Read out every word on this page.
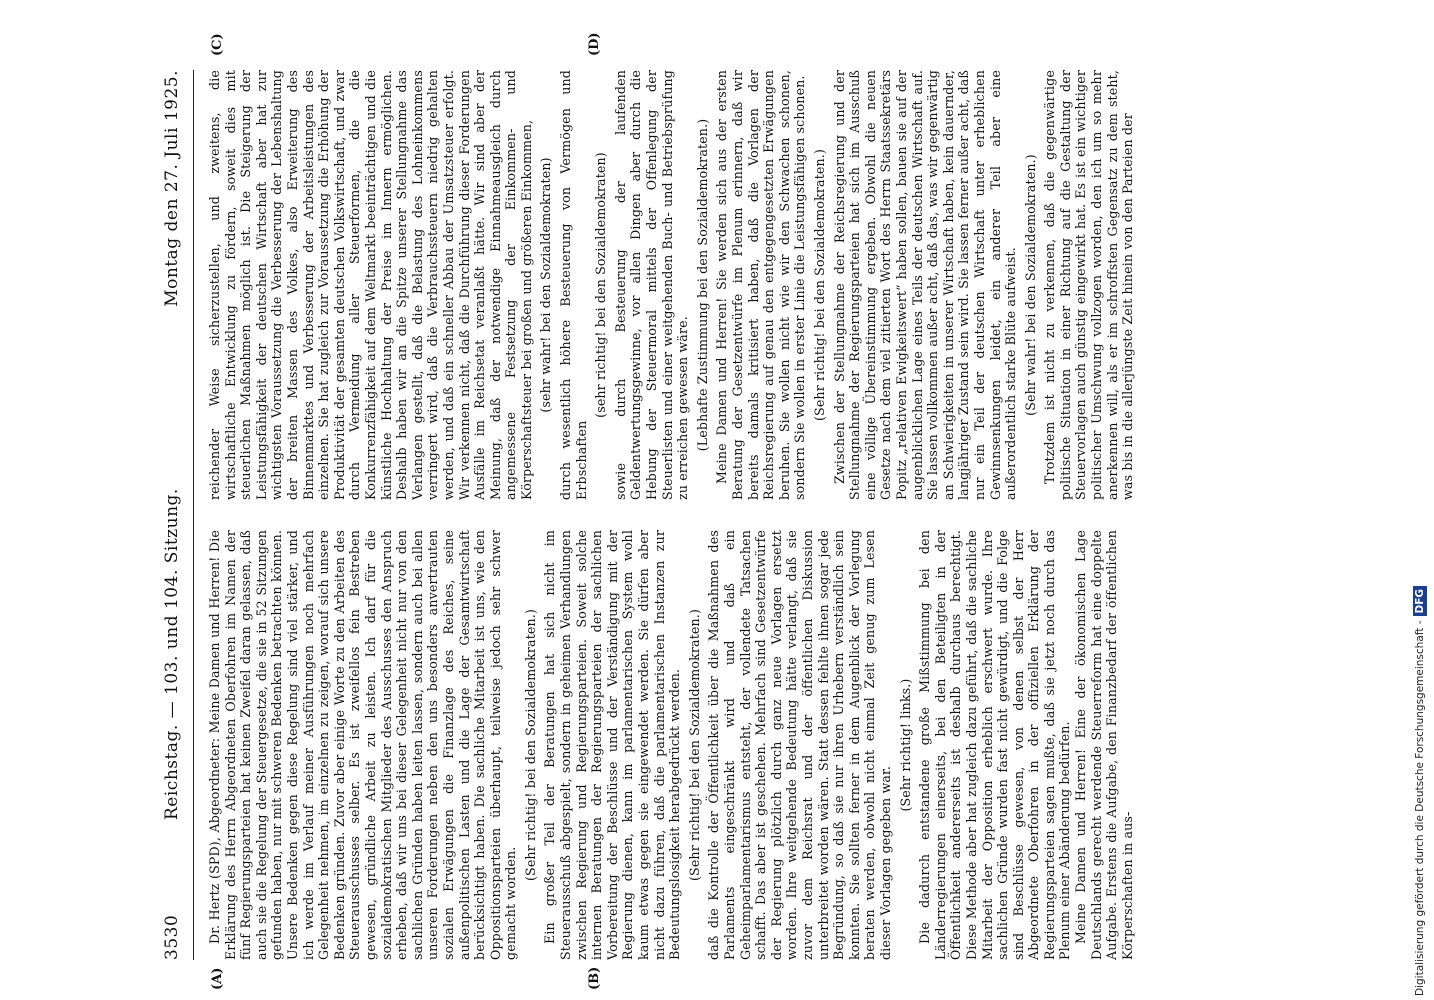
3530
Reichstag. — 103. und 104. Sitzung.
Montag den 27. Juli 1925.
(A)	(B)
(C)	(D)

Dr. Hertz (SPD), Abgeordneter: Meine Damen und Herren! Die Erklärung des Herrn Abgeordneten Oberfohren im Namen der fünf Regierungsparteien hat keinen Zweifel daran gelassen, daß auch sie die Regelung der Steuergesetze, die sie in 52 Sitzungen gefunden haben, nur mit schweren Bedenken betrachten können. Unsere Bedenken gegen diese Regelung sind viel stärker, und ich werde im Verlauf meiner Ausführungen noch mehrfach Gelegenheit nehmen, im einzelnen zu zeigen, worauf sich unsere Bedenken gründen. Zuvor aber einige Worte zu den Arbeiten des Steuerausschusses selber. Es ist zweifellos fein Bestreben gewesen, gründliche Arbeit zu leisten. Ich darf für die sozialdemokratischen Mitglieder des Ausschusses den Anspruch erheben, daß wir uns bei dieser Gelegenheit nicht nur von den sachlichen Gründen haben leiten lassen, sondern auch bei allen unseren Forderungen neben den uns besonders anvertrauten sozialen Erwägungen die Finanzlage des Reiches, seine außenpolitischen Lasten und die Lage der Gesamtwirtschaft berücksichtigt haben. Die sachliche Mitarbeit ist uns, wie den Oppositionsparteien überhaupt, teilweise jedoch sehr schwer gemacht worden.

(Sehr richtig! bei den Sozialdemokraten.) Ein großer Teil der Beratungen hat sich nicht im Steuerausschuß abgespielt, sondern in geheimen Verhandlungen zwischen Regierung und Regierungsparteien. Soweit solche internen Beratungen der Regierungsparteien der sachlichen Vorbereitung der Beschlüsse und der Verständigung mit der Regierung dienen, kann im parlamentarischen System wohl kaum etwas gegen sie eingewendet werden. Sie dürfen aber nicht dazu führen, daß die parlamentarischen Instanzen zur Bedeutungslosigkeit herabgedrückt werden. (Sehr richtig! bei den Sozialdemokraten.) daß die Kontrolle der Öffentlichkeit über die Maßnahmen des Parlaments eingeschränkt wird und daß ein Geheimparlamentarismus entsteht, der vollendete Tatsachen schafft. Das aber ist geschehen. Mehrfach sind Gesetzentwürfe der Regierung plötzlich durch ganz neue Vorlagen ersetzt worden. Ihre weitgehende Bedeutung hätte verlangt, daß sie zuvor dem Reichsrat und der öffentlichen Diskussion unterbreitet worden wären. Statt dessen fehlte ihnen sogar jede Begründung, so daß sie nur ihren Urhebern verständlich sein konnten. Sie sollten ferner in dem Augenblick der Vorlegung beraten werden, obwohl nicht einmal Zeit genug zum Lesen dieser Vorlagen gegeben war.

(Sehr richtig! links.) Die dadurch entstandene große Mißstimmung bei den Länderregierungen einerseits, bei den Beteiligten in der Öffentlichkeit andererseits ist deshalb durchaus berechtigt. Diese Methode aber hat zugleich dazu geführt, daß die sachliche Mitarbeit der Opposition erheblich erschwert wurde. Ihre sachlichen Gründe wurden fast nicht gewürdigt, und die Folge sind Beschlüsse gewesen, von denen selbst der Herr Abgeordnete Oberfohren in der offiziellen Erklärung der Regierungsparteien sagen mußte, daß sie jetzt noch durch das Plenum einer Abänderung bedürfen. Meine Damen und Herren! Eine der ökonomischen Lage Deutschlands gerecht werdende Steuerreform hat eine doppelte Aufgabe. Erstens die Aufgabe, den Finanzbedarf der öffentlichen Körperschaften in aus-

reichender Weise sicherzustellen, und zweitens, die wirtschaftliche Entwicklung zu fördern, soweit dies mit steuerlichen Maßnahmen möglich ist. Die Steigerung der Leistungsfähigkeit der deutschen Wirtschaft aber hat zur wichtigsten Voraussetzung die Verbesserung der Lebenshaltung der breiten Massen des Volkes, also Erweiterung des Binnenmarktes und Verbesserung der Arbeitsleistungen des einzelnen. Sie hat zugleich zur Voraussetzung die Erhöhung der Produktivität der gesamten deutschen Volkswirtschaft, und zwar durch Vermeidung aller Steuerformen, die die Konkurrenzfähigkeit auf dem Weltmarkt beeinträchtigen und die künstliche Hochhaltung der Preise im Innern ermöglichen. Deshalb haben wir an die Spitze unserer Stellungnahme das Verlangen gestellt, daß die Belastung des Lohneinkommens verringert wird, daß die Verbrauchssteuern niedrig gehalten werden, und daß ein schneller Abbau der Umsatzsteuer erfolgt. Wir verkennen nicht, daß die Durchführung dieser Forderungen Ausfälle im Reichsetat veranlaßt hätte. Wir sind aber der Meinung, daß der notwendige Einnahmeausgleich durch angemessene Festsetzung der Einkommen- und Körperschaftsteuer bei großen und größeren Einkommen, (sehr wahr! bei den Sozialdemokraten) durch wesentlich höhere Besteuerung von Vermögen und Erbschaften

(sehr richtig! bei den Sozialdemokraten) sowie durch Besteuerung der laufenden Geldentwertungsgewinne, vor allen Dingen aber durch die Hebung der Steuermoral mittels der Offenlegung der Steuerlisten und einer weitgehenden Buch- und Betriebsprüfung zu erreichen gewesen wäre. (Lebhafte Zustimmung bei den Sozialdemokraten.) Meine Damen und Herren! Sie werden sich aus der ersten Beratung der Gesetzentwürfe im Plenum erinnern, daß wir bereits damals kritisiert haben, daß die Vorlagen der Reichsregierung auf genau den entgegengesetzten Erwägungen beruhen. Sie wollen nicht wie wir den Schwachen schonen, sondern Sie wollen in erster Linie die Leistungsfähigen schonen. (Sehr richtig! bei den Sozialdemokraten.) Zwischen der Stellungnahme der Reichsregierung und der Stellungnahme der Regierungsparteien hat sich im Ausschuß eine völlige Übereinstimmung ergeben. Obwohl die neuen Gesetze nach dem viel zitierten Wort des Herrn Staatssekretärs Popitz „relativen Ewigkeitswert“ haben sollen, bauen sie auf der augenblicklichen Lage eines Teils der deutschen Wirtschaft auf. Sie lassen vollkommen außer acht, daß das, was wir gegenwärtig an Schwierigkeiten in unserer Wirtschaft haben, kein dauernder, langjähriger Zustand sein wird. Sie lassen ferner außer acht, daß nur ein Teil der deutschen Wirtschaft unter erheblichen Gewinnsenkungen leidet, ein anderer Teil aber eine außerordentlich starke Blüte aufweist. (Sehr wahr! bei den Sozialdemokraten.) Trotzdem ist nicht zu verkennen, daß die gegenwärtige politische Situation in einer Richtung auf die Gestaltung der Steuervorlagen auch günstig eingewirkt hat. Es ist ein wichtiger politischer Umschwung vollzogen worden, den ich um so mehr anerkennen will, als er im schroffsten Gegensatz zu dem steht, was bis in die allerjüngste Zeit hinein von den Parteien der

Digitalisierung gefördert durch die Deutsche Forschungsgemeinschaft -DFG
